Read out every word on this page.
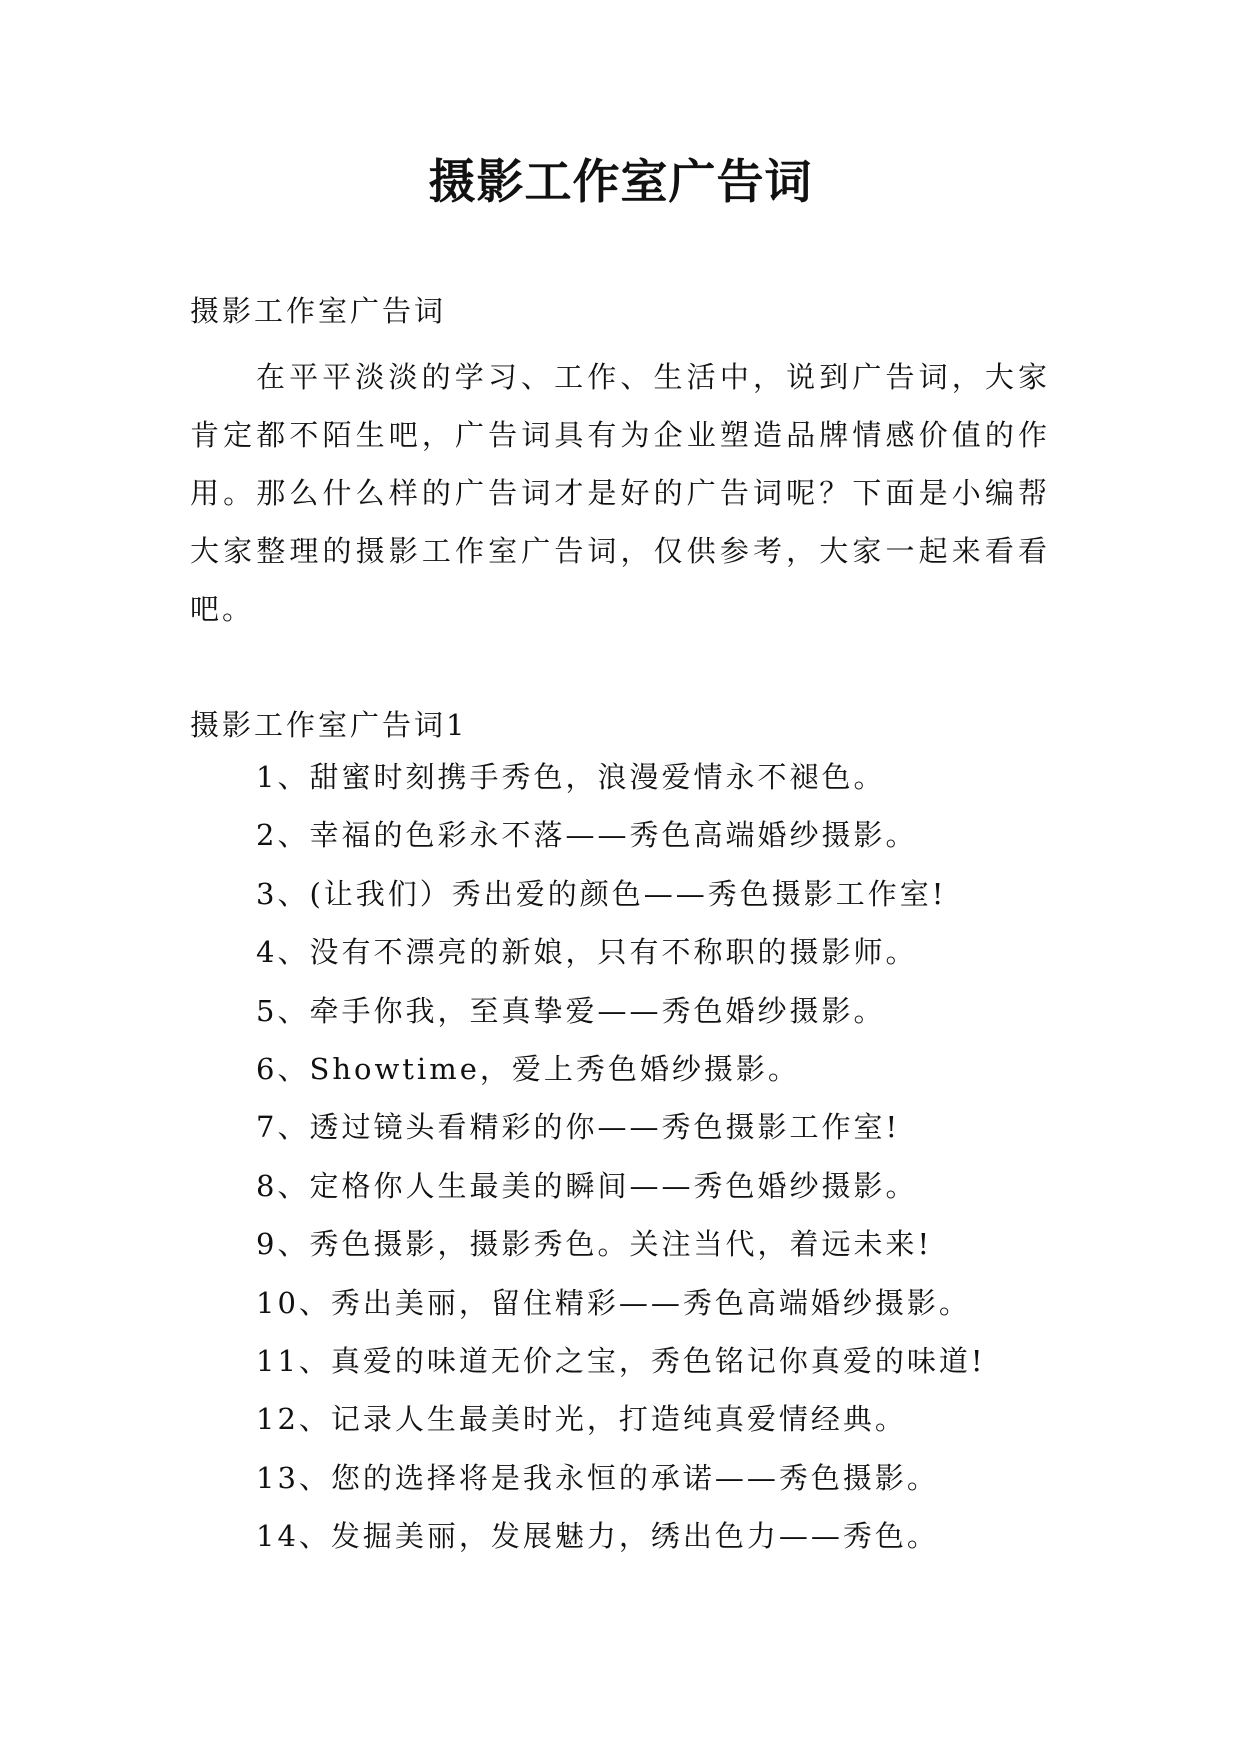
摄影工作室广告词
摄影工作室广告词

在平平淡淡的学习、工作、生活中，说到广告词，大家肯定都不陌生吧，广告词具有为企业塑造品牌情感价值的作用。那么什么样的广告词才是好的广告词呢？下面是小编帮大家整理的摄影工作室广告词，仅供参考，大家一起来看看吧。

摄影工作室广告词1
1、甜蜜时刻携手秀色，浪漫爱情永不褪色。
2、幸福的色彩永不落——秀色高端婚纱摄影。
3、(让我们）秀出爱的颜色——秀色摄影工作室!
4、没有不漂亮的新娘，只有不称职的摄影师。
5、牵手你我，至真挚爱——秀色婚纱摄影。
6、Showtime，爱上秀色婚纱摄影。
7、透过镜头看精彩的你——秀色摄影工作室!
8、定格你人生最美的瞬间——秀色婚纱摄影。
9、秀色摄影，摄影秀色。关注当代，着远未来!
10、秀出美丽，留住精彩——秀色高端婚纱摄影。
11、真爱的味道无价之宝，秀色铭记你真爱的味道!
12、记录人生最美时光，打造纯真爱情经典。
13、您的选择将是我永恒的承诺——秀色摄影。
14、发掘美丽，发展魅力，绣出色力——秀色。
